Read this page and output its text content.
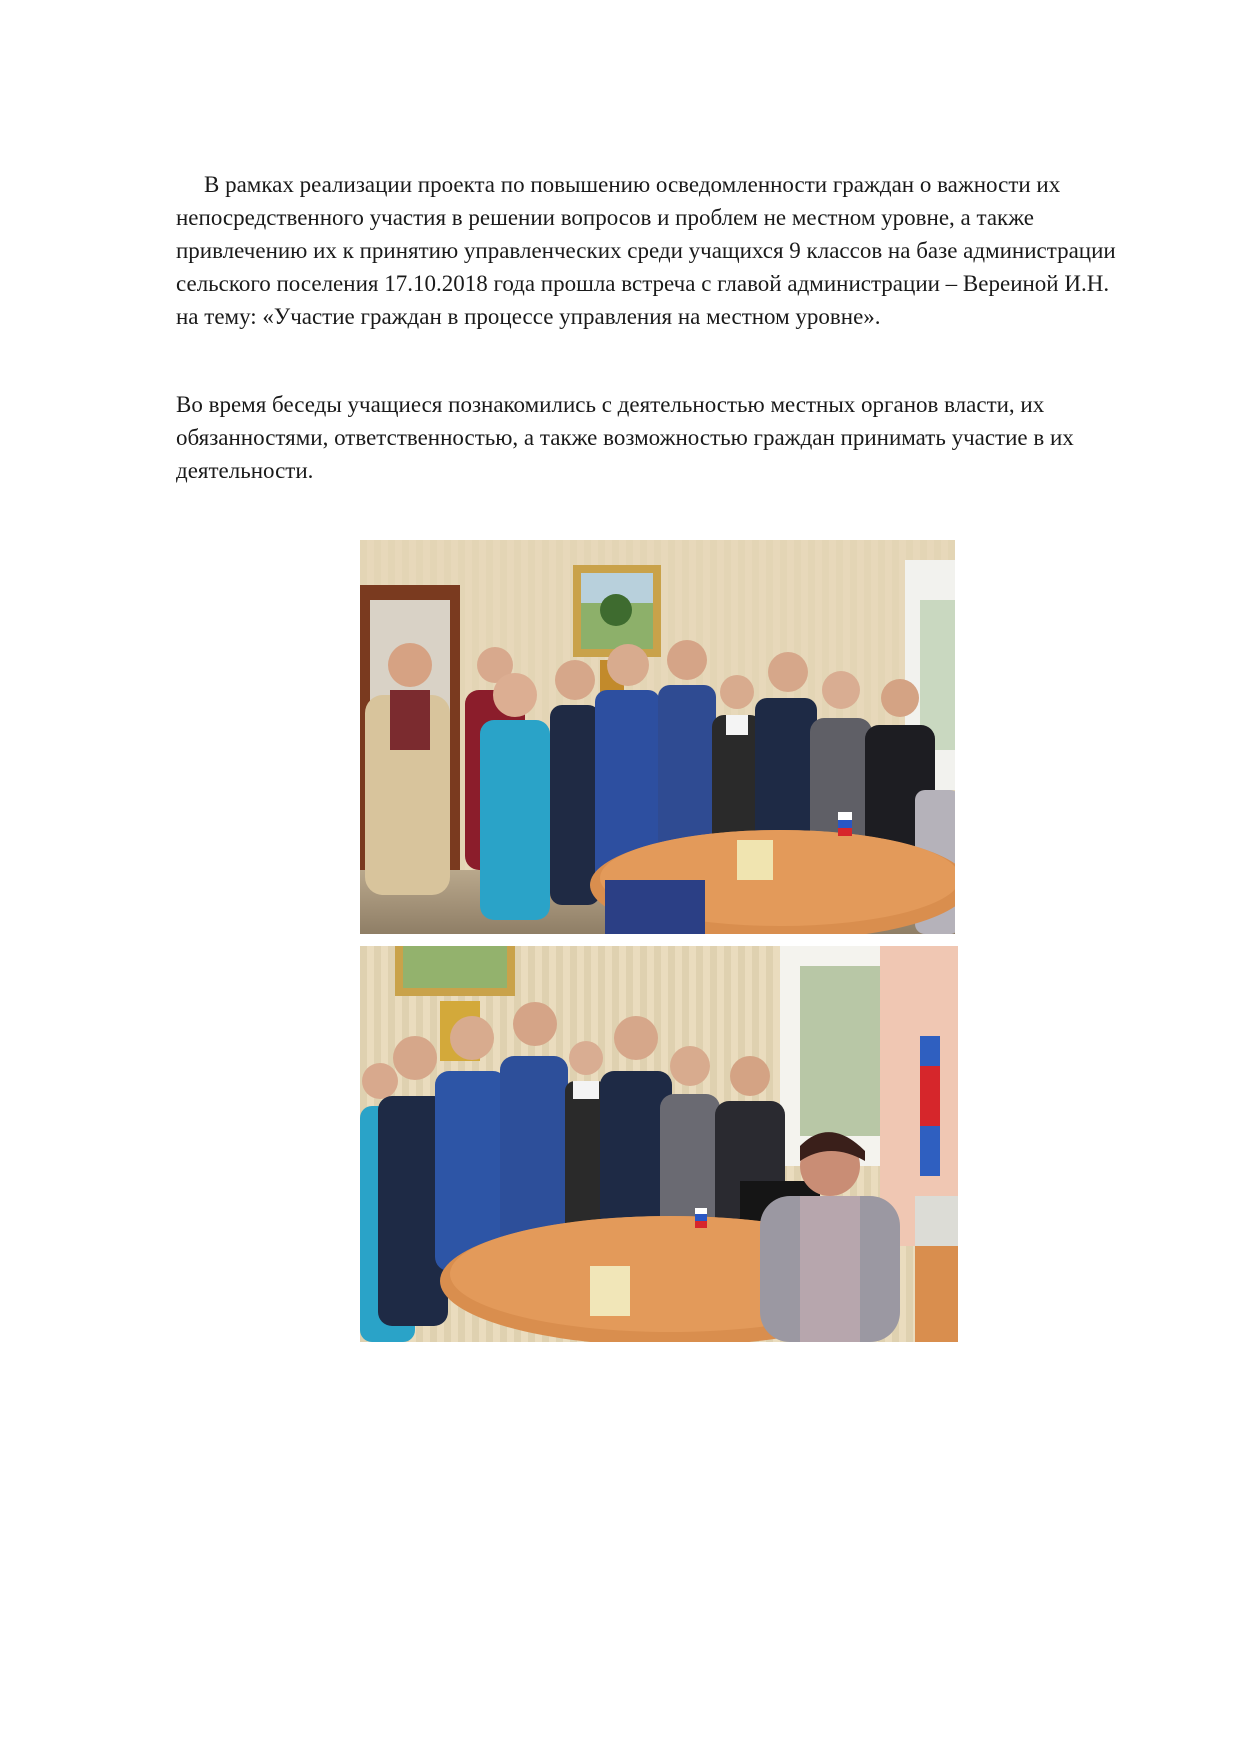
В рамках реализации проекта по повышению осведомленности граждан о важности их непосредственного участия в решении вопросов и проблем не местном уровне, а также привлечению их к принятию управленческих среди учащихся 9 классов на базе администрации сельского поселения 17.10.2018 года прошла встреча с главой администрации – Вереиной И.Н. на тему: «Участие граждан в процессе управления на местном уровне».

Во время беседы учащиеся познакомились с деятельностью местных органов власти, их обязанностями, ответственностью, а также возможностью граждан принимать участие в их деятельности.
